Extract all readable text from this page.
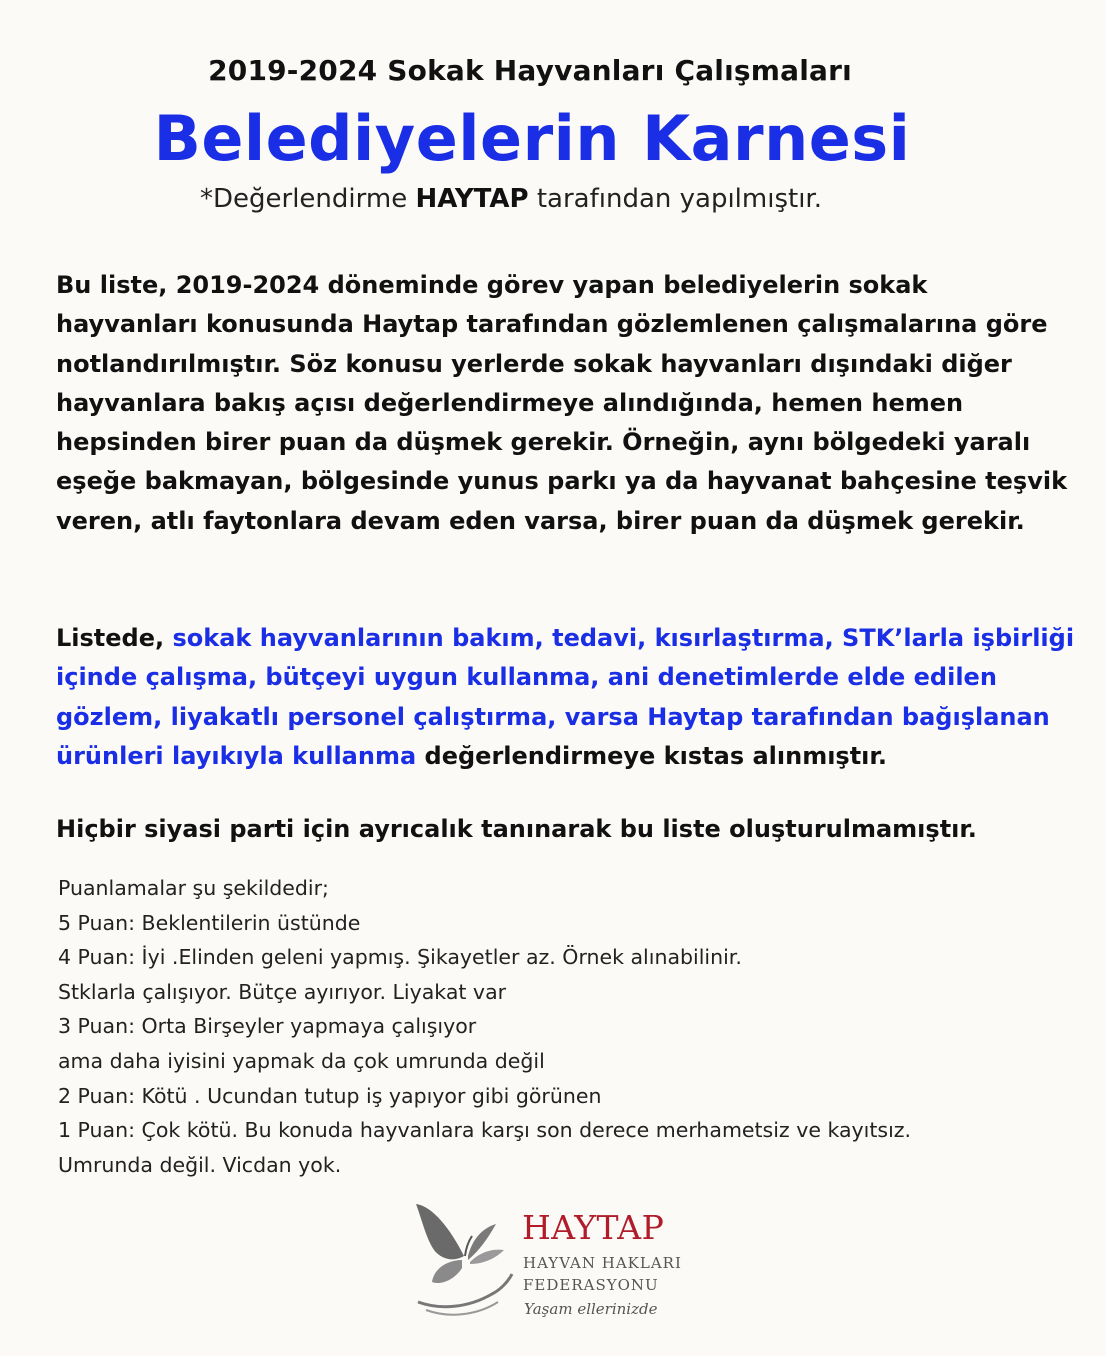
2019-2024 Sokak Hayvanları Çalışmaları
Belediyelerin Karnesi
*Değerlendirme HAYTAP tarafından yapılmıştır.
Bu liste, 2019-2024 döneminde görev yapan belediyelerin sokak hayvanları konusunda Haytap tarafından gözlemlenen çalışmalarına göre notlandırılmıştır. Söz konusu yerlerde sokak hayvanları dışındaki diğer hayvanlara bakış açısı değerlendirmeye alındığında, hemen hemen hepsinden birer puan da düşmek gerekir. Örneğin, aynı bölgedeki yaralı eşeğe bakmayan, bölgesinde yunus parkı ya da hayvanat bahçesine teşvik veren, atlı faytonlara devam eden varsa, birer puan da düşmek gerekir.
Listede, sokak hayvanlarının bakım, tedavi, kısırlaştırma, STK’larla işbirliği içinde çalışma, bütçeyi uygun kullanma, ani denetimlerde elde edilen gözlem, liyakatlı personel çalıştırma, varsa Haytap tarafından bağışlanan ürünleri layıkıyla kullanma değerlendirmeye kıstas alınmıştır.
Hiçbir siyasi parti için ayrıcalık tanınarak bu liste oluşturulmamıştır.
Puanlamalar şu şekildedir;
5 Puan: Beklentilerin üstünde
4 Puan: İyi .Elinden geleni yapmış. Şikayetler az. Örnek alınabilinir.
Stklarla çalışıyor. Bütçe ayırıyor. Liyakat var
3 Puan: Orta Birşeyler yapmaya çalışıyor
ama daha iyisini yapmak da çok umrunda değil
2 Puan: Kötü . Ucundan tutup iş yapıyor gibi görünen
1 Puan: Çok kötü. Bu konuda hayvanlara karşı son derece merhametsiz ve kayıtsız.
Umrunda değil. Vicdan yok.
HAYTAP
HAYVAN HAKLARI
FEDERASYONU
Yaşam ellerinizde
